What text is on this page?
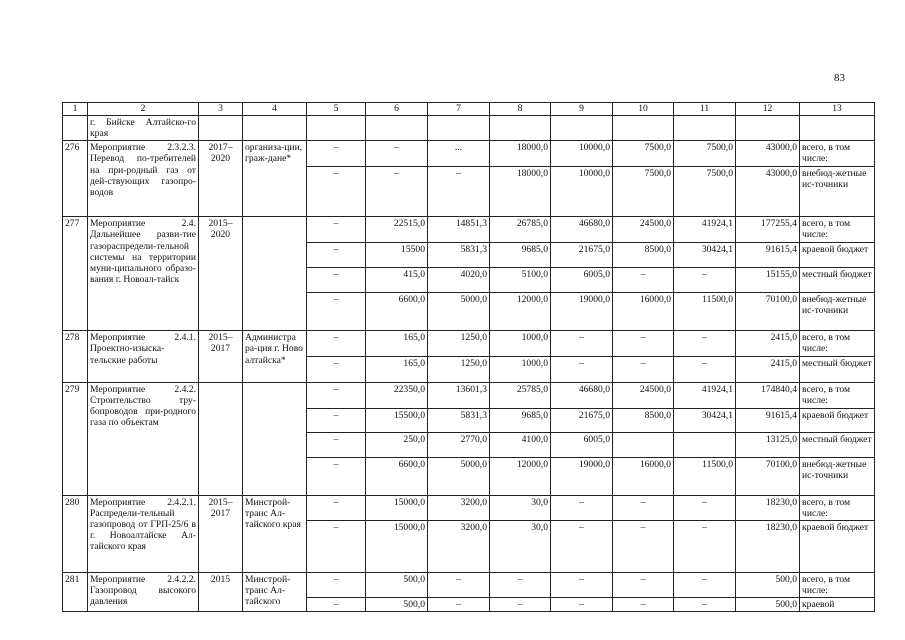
83
1	2	3	4	5	6	7	8	9	10	11	12	13
	г. Бийске Алтайско-го края											
276	Мероприятие 2.3.2.3. Перевод по-требителей на при-родный газ от дей-ствующих газопро-водов	2017–2020	организа-ции, граж-дане*	–	–	...	18000,0	10000,0	7500,0	7500,0	43000,0	всего, в том числе:
				–	–	–	18000,0	10000,0	7500,0	7500,0	43000,0	внебюд-жетные ис-точники
277	Мероприятие 2.4. Дальнейшее разви-тие газораспредели-тельной системы на территории муни-ципального образо-вания г. Новоал-тайск	2015–2020		–	22515,0	14851,3	26785,0	46680,0	24500,0	41924,1	177255,4	всего, в том числе:
				–	15500	5831,3	9685,0	21675,0	8500,0	30424,1	91615,4	краевой бюджет
				–	415,0	4020,0	5100,0	6005,0	–	–	15155,0	местный бюджет
				–	6600,0	5000,0	12000,0	19000,0	16000,0	11500,0	70100,0	внебюд-жетные ис-точники
278	Мероприятие 2.4.1. Проектно-изыска-тельские работы	2015–2017	Администра ра-ция г. Ново алтайска*	–	165,0	1250,0	1000,0	–	–	–	2415,0	всего, в том числе:
				–	165,0	1250,0	1000,0	–	–	–	2415,0	местный бюджет
279	Мероприятие 2.4.2. Строительство тру-бопроводов при-родного газа по объектам			–	22350,0	13601,3	25785,0	46680,0	24500,0	41924,1	174840,4	всего, в том числе:
				–	15500,0	5831,3	9685,0	21675,0	8500,0	30424,1	91615,4	краевой бюджет
				–	250,0	2770,0	4100,0	6005,0			13125,0	местный бюджет
				–	6600,0	5000,0	12000,0	19000,0	16000,0	11500,0	70100,0	внебюд-жетные ис-точники
280	Мероприятие 2.4.2.1. Распредели-тельный газопровод от ГРП-25/6 в г. Новоалтайске Ал-тайского края	2015–2017	Минстрой-транс Ал-тайского края	–	15000,0	3200,0	30,0	–	–	–	18230,0	всего, в том числе:
				–	15000,0	3200,0	30,0	–	–	–	18230,0	краевой бюджет
281	Мероприятие 2.4.2.2. Газопровод высокого давления	2015	Минстрой-транс Ал-тайского	–	500,0	–	–	–	–	–	500,0	всего, в том числе:
				–	500,0	–	–	–	–	–	500,0	краевой
